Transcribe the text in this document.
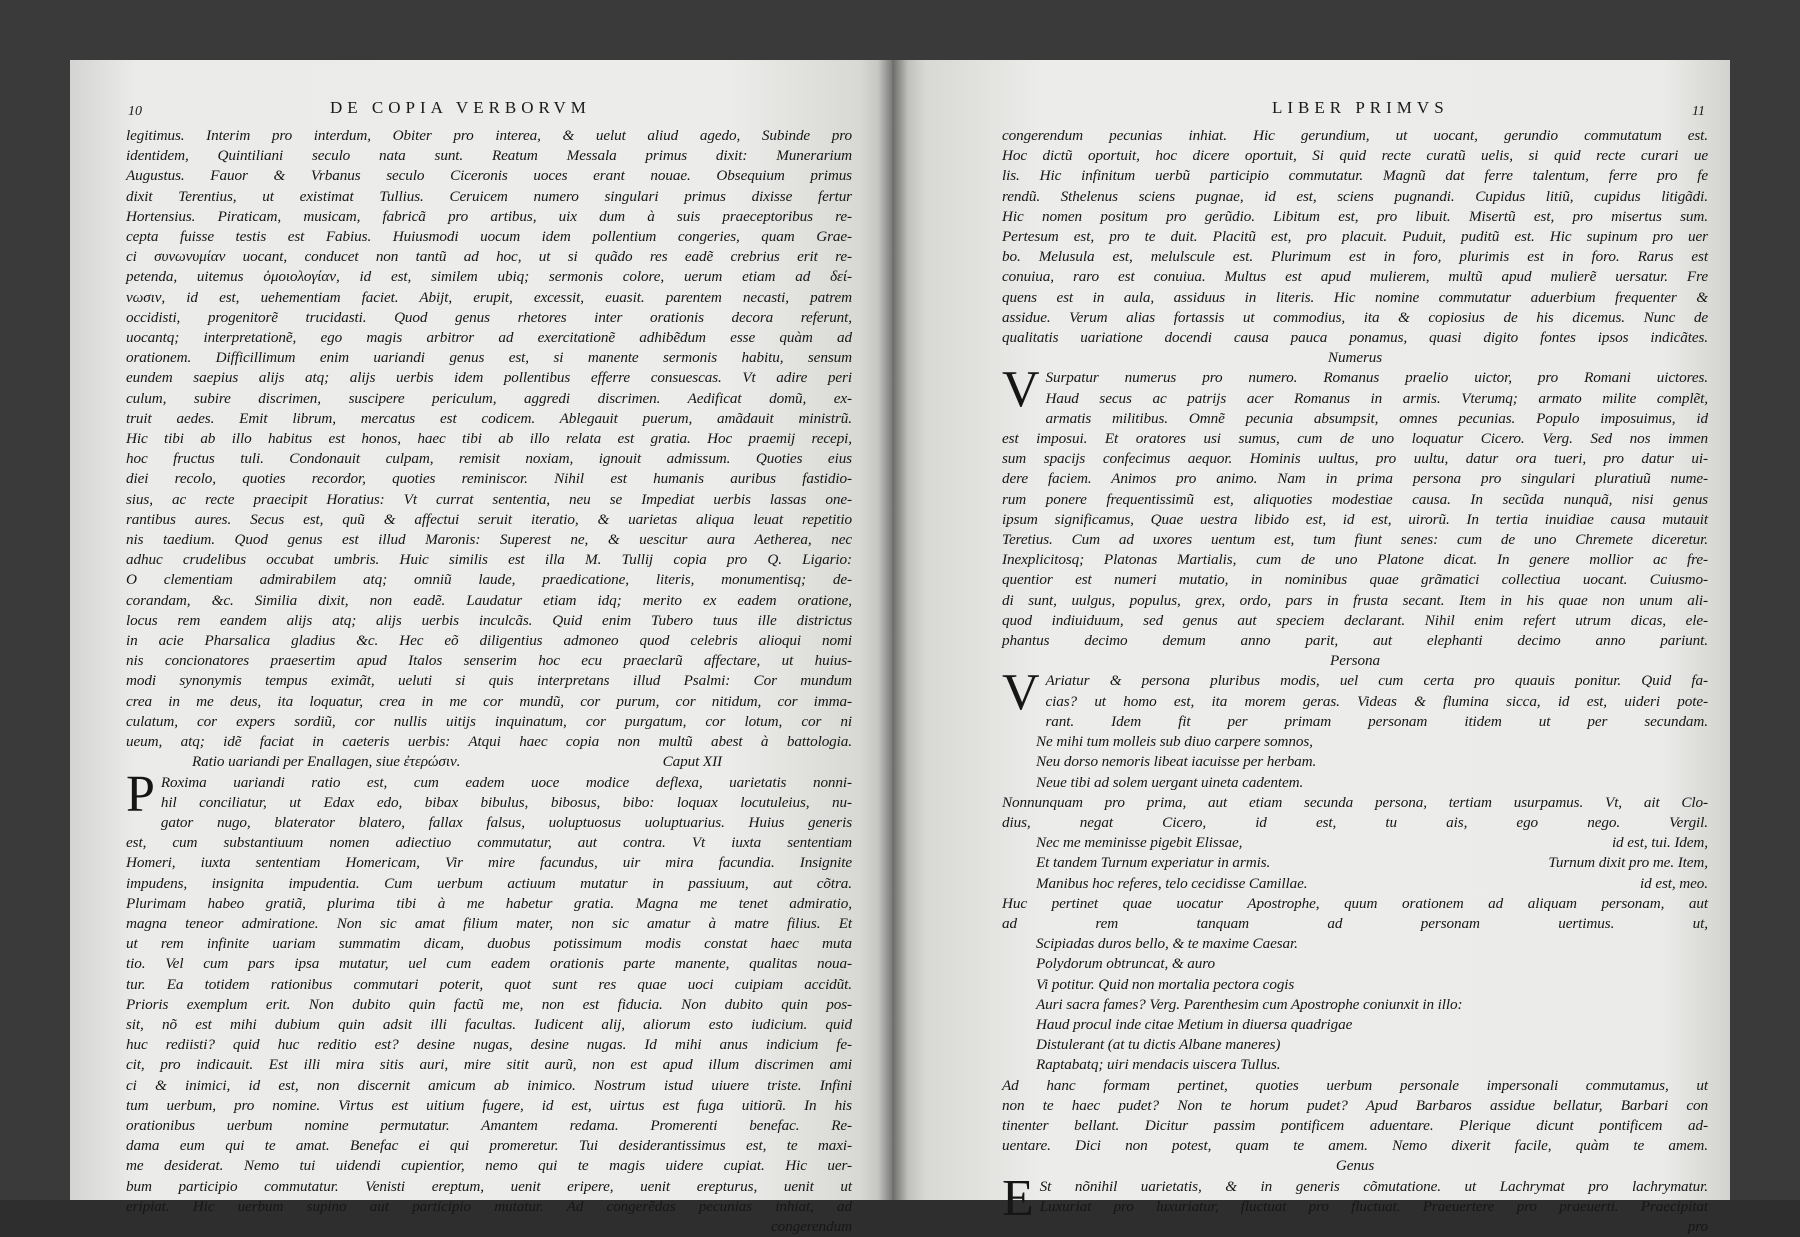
10	DE COPIA VERBORVM
legitimus. Interim pro interdum, Obiter pro interea, & uelut aliud agedo, Subinde pro
identidem, Quintiliani seculo nata sunt. Reatum Messala primus dixit: Munerarium
Augustus. Fauor & Vrbanus seculo Ciceronis uoces erant nouae. Obsequium primus
dixit Terentius, ut existimat Tullius. Ceruicem numero singulari primus dixisse fertur
Hortensius. Piraticam, musicam, fabricã pro artibus, uix dum à suis praeceptoribus re-
cepta fuisse testis est Fabius. Huiusmodi uocum idem pollentium congeries, quam Grae-
ci συνωνυμίαν uocant, conducet non tantũ ad hoc, ut si quãdo res eadẽ crebrius erit re-
petenda, uitemus ὁμοιολογίαν, id est, similem ubiq; sermonis colore, uerum etiam ad δεί-
νωσιν, id est, uehementiam faciet. Abijt, erupit, excessit, euasit. parentem necasti, patrem
occidisti, progenitorẽ trucidasti. Quod genus rhetores inter orationis decora referunt,
uocantq; interpretationẽ, ego magis arbitror ad exercitationẽ adhibẽdum esse quàm ad
orationem. Difficillimum enim uariandi genus est, si manente sermonis habitu, sensum
eundem saepius alijs atq; alijs uerbis idem pollentibus efferre consuescas. Vt adire peri
culum, subire discrimen, suscipere periculum, aggredi discrimen. Aedificat domũ, ex-
truit aedes. Emit librum, mercatus est codicem. Ablegauit puerum, amãdauit ministrũ.
Hic tibi ab illo habitus est honos, haec tibi ab illo relata est gratia. Hoc praemij recepi,
hoc fructus tuli. Condonauit culpam, remisit noxiam, ignouit admissum. Quoties eius
diei recolo, quoties recordor, quoties reminiscor. Nihil est humanis auribus fastidio-
sius, ac recte praecipit Horatius: Vt currat sententia, neu se Impediat uerbis lassas one-
rantibus aures. Secus est, quũ & affectui seruit iteratio, & uarietas aliqua leuat repetitio
nis taedium. Quod genus est illud Maronis: Superest ne, & uescitur aura Aetherea, nec
adhuc crudelibus occubat umbris. Huic similis est illa M. Tullij copia pro Q. Ligario:
O clementiam admirabilem atq; omniũ laude, praedicatione, literis, monumentisq; de-
corandam, &c. Similia dixit, non eadẽ. Laudatur etiam idq; merito ex eadem oratione,
locus rem eandem alijs atq; alijs uerbis inculcãs. Quid enim Tubero tuus ille districtus
in acie Pharsalica gladius &c. Hec eõ diligentius admoneo quod celebris alioqui nomi
nis concionatores praesertim apud Italos senserim hoc ecu praeclarũ affectare, ut huius-
modi synonymis tempus eximãt, ueluti si quis interpretans illud Psalmi: Cor mundum
crea in me deus, ita loquatur, crea in me cor mundũ, cor purum, cor nitidum, cor imma-
culatum, cor expers sordiũ, cor nullis uitijs inquinatum, cor purgatum, cor lotum, cor ni
ueum, atq; idẽ faciat in caeteris uerbis: Atqui haec copia non multũ abest à battologia.
Ratio uariandi per Enallagen, siue ἐτερώσιν.	Caput XII
P Roxima uariandi ratio est, cum eadem uoce modice deflexa, uarietatis nonni-
hil conciliatur, ut Edax edo, bibax bibulus, bibosus, bibo: loquax locutuleius, nu-
gator nugo, blaterator blatero, fallax falsus, uoluptuosus uoluptuarius. Huius generis
est, cum substantiuum nomen adiectiuo commutatur, aut contra. Vt iuxta sententiam
Homeri, iuxta sententiam Homericam, Vir mire facundus, uir mira facundia. Insignite
impudens, insignita impudentia. Cum uerbum actiuum mutatur in passiuum, aut cõtra.
Plurimam habeo gratiã, plurima tibi à me habetur gratia. Magna me tenet admiratio,
magna teneor admiratione. Non sic amat filium mater, non sic amatur à matre filius. Et
ut rem infinite uariam summatim dicam, duobus potissimum modis constat haec muta
tio. Vel cum pars ipsa mutatur, uel cum eadem orationis parte manente, qualitas noua-
tur. Ea totidem rationibus commutari poterit, quot sunt res quae uoci cuipiam accidũt.
Prioris exemplum erit. Non dubito quin factũ me, non est fiducia. Non dubito quin pos-
sit, nõ est mihi dubium quin adsit illi facultas. Iudicent alij, aliorum esto iudicium. quid
huc rediisti? quid huc reditio est? desine nugas, desine nugas. Id mihi anus indicium fe-
cit, pro indicauit. Est illi mira sitis auri, mire sitit aurũ, non est apud illum discrimen ami
ci & inimici, id est, non discernit amicum ab inimico. Nostrum istud uiuere triste. Infini
tum uerbum, pro nomine. Virtus est uitium fugere, id est, uirtus est fuga uitiorũ. In his
orationibus uerbum nomine permutatur. Amantem redama. Promerenti benefac. Re-
dama eum qui te amat. Benefac ei qui promeretur. Tui desiderantissimus est, te maxi-
me desiderat. Nemo tui uidendi cupientior, nemo qui te magis uidere cupiat. Hic uer-
bum participio commutatur. Venisti ereptum, uenit eripere, uenit erepturus, uenit ut
eripiat. Hic uerbum supino aut participio mutatur. Ad congerẽdas pecunias inhiat, ad
congerendum
LIBER PRIMVS	11
congerendum pecunias inhiat. Hic gerundium, ut uocant, gerundio commutatum est.
Hoc dictũ oportuit, hoc dicere oportuit, Si quid recte curatũ uelis, si quid recte curari ue
lis. Hic infinitum uerbũ participio commutatur. Magnũ dat ferre talentum, ferre pro fe
rendũ. Sthelenus sciens pugnae, id est, sciens pugnandi. Cupidus litiũ, cupidus litigãdi.
Hic nomen positum pro gerũdio. Libitum est, pro libuit. Misertũ est, pro misertus sum.
Pertesum est, pro te duit. Placitũ est, pro placuit. Puduit, puditũ est. Hic supinum pro uer
bo. Melusula est, melulscule est. Plurimum est in foro, plurimis est in foro. Rarus est
conuiua, raro est conuiua. Multus est apud mulierem, multũ apud mulierẽ uersatur. Fre
quens est in aula, assiduus in literis. Hic nomine commutatur aduerbium frequenter &
assidue. Verum alias fortassis ut commodius, ita & copiosius de his dicemus. Nunc de
qualitatis uariatione docendi causa pauca ponamus, quasi digito fontes ipsos indicãtes.
Numerus
V Surpatur numerus pro numero. Romanus praelio uictor, pro Romani uictores.
Haud secus ac patrijs acer Romanus in armis. Vterumq; armato milite complẽt,
armatis militibus. Omnẽ pecunia absumpsit, omnes pecunias. Populo imposuimus, id
est imposui. Et oratores usi sumus, cum de uno loquatur Cicero. Verg. Sed nos immen
sum spacijs confecimus aequor. Hominis uultus, pro uultu, datur ora tueri, pro datur ui-
dere faciem. Animos pro animo. Nam in prima persona pro singulari pluratiuũ nume-
rum ponere frequentissimũ est, aliquoties modestiae causa. In secũda nunquã, nisi genus
ipsum significamus, Quae uestra libido est, id est, uirorũ. In tertia inuidiae causa mutauit
Teretius. Cum ad uxores uentum est, tum fiunt senes: cum de uno Chremete diceretur.
Inexplicitosq; Platonas Martialis, cum de uno Platone dicat. In genere mollior ac fre-
quentior est numeri mutatio, in nominibus quae grãmatici collectiua uocant. Cuiusmo-
di sunt, uulgus, populus, grex, ordo, pars in frusta secant. Item in his quae non unum ali-
quod indiuiduum, sed genus aut speciem declarant. Nihil enim refert utrum dicas, ele-
phantus decimo demum anno parit, aut elephanti decimo anno pariunt.
Persona
V Ariatur & persona pluribus modis, uel cum certa pro quauis ponitur. Quid fa-
cias? ut homo est, ita morem geras. Videas & flumina sicca, id est, uideri pote-
rant. Idem fit per primam personam itidem ut per secundam.
Ne mihi tum molleis sub diuo carpere somnos,
Neu dorso nemoris libeat iacuisse per herbam.
Neue tibi ad solem uergant uineta cadentem.
Nonnunquam pro prima, aut etiam secunda persona, tertiam usurpamus. Vt, ait Clo-
dius, negat Cicero, id est, tu ais, ego nego. Vergil.
Nec me meminisse pigebit Elissae,	id est, tui. Idem,
Et tandem Turnum experiatur in armis.	Turnum dixit pro me. Item,
Manibus hoc referes, telo cecidisse Camillae.	id est, meo.
Huc pertinet quae uocatur Apostrophe, quum orationem ad aliquam personam, aut
ad rem tanquam ad personam uertimus. ut,
Scipiadas duros bello, & te maxime Caesar.
Polydorum obtruncat, & auro
Vi potitur. Quid non mortalia pectora cogis
Auri sacra fames? Verg. Parenthesim cum Apostrophe coniunxit in illo:
Haud procul inde citae Metium in diuersa quadrigae
Distulerant (at tu dictis Albane maneres)
Raptabatq; uiri mendacis uiscera Tullus.
Ad hanc formam pertinet, quoties uerbum personale impersonali commutamus, ut
non te haec pudet? Non te horum pudet? Apud Barbaros assidue bellatur, Barbari con
tinenter bellant. Dicitur passim pontificem aduentare. Plerique dicunt pontificem ad-
uentare. Dici non potest, quam te amem. Nemo dixerit facile, quàm te amem.
Genus
E St nõnihil uarietatis, & in generis cõmutatione. ut Lachrymat pro lachrymatur.
Luxuriat pro luxuriatur, fluctuat pro fluctuat. Praeuertere pro praeuerti. Praecipitat
pro
